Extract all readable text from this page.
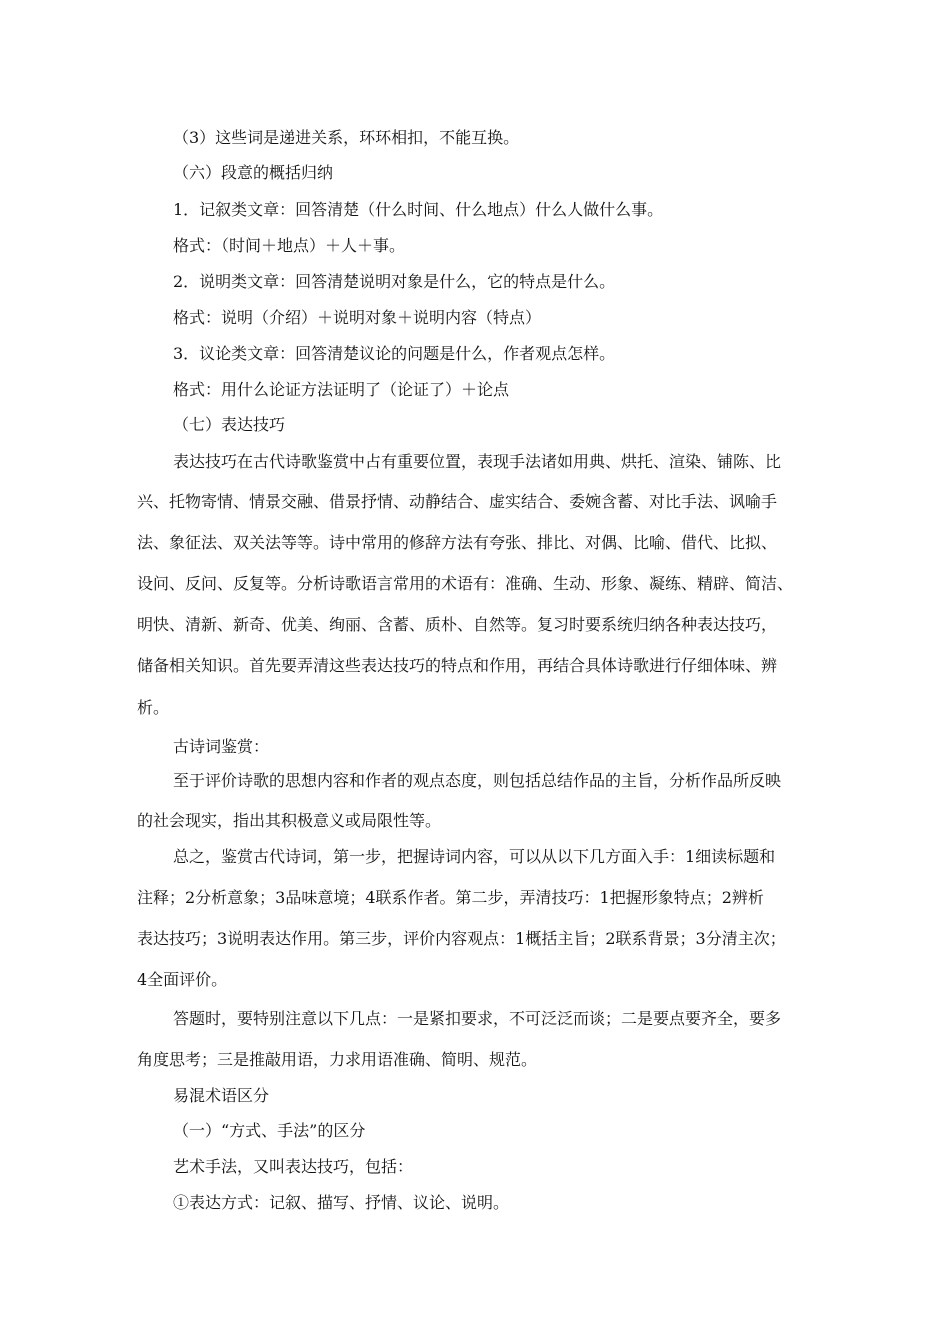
（3）这些词是递进关系，环环相扣，不能互换。
（六）段意的概括归纳
1．记叙类文章：回答清楚（什么时间、什么地点）什么人做什么事。
格式：（时间＋地点）＋人＋事。
2．说明类文章：回答清楚说明对象是什么，它的特点是什么。
格式：说明（介绍）＋说明对象＋说明内容（特点）
3．议论类文章：回答清楚议论的问题是什么，作者观点怎样。
格式：用什么论证方法证明了（论证了）＋论点
（七）表达技巧
表达技巧在古代诗歌鉴赏中占有重要位置，表现手法诸如用典、烘托、渲染、铺陈、比
兴、托物寄情、情景交融、借景抒情、动静结合、虚实结合、委婉含蓄、对比手法、讽喻手
法、象征法、双关法等等。诗中常用的修辞方法有夸张、排比、对偶、比喻、借代、比拟、
设问、反问、反复等。分析诗歌语言常用的术语有：准确、生动、形象、凝练、精辟、简洁、
明快、清新、新奇、优美、绚丽、含蓄、质朴、自然等。复习时要系统归纳各种表达技巧，
储备相关知识。首先要弄清这些表达技巧的特点和作用，再结合具体诗歌进行仔细体味、辨
析。
古诗词鉴赏：
至于评价诗歌的思想内容和作者的观点态度，则包括总结作品的主旨，分析作品所反映
的社会现实，指出其积极意义或局限性等。
总之，鉴赏古代诗词，第一步，把握诗词内容，可以从以下几方面入手：1细读标题和
注释；2分析意象；3品味意境；4联系作者。第二步，弄清技巧：1把握形象特点；2辨析
表达技巧；3说明表达作用。第三步，评价内容观点：1概括主旨；2联系背景；3分清主次；
4全面评价。
答题时，要特别注意以下几点：一是紧扣要求，不可泛泛而谈；二是要点要齐全，要多
角度思考；三是推敲用语，力求用语准确、简明、规范。
易混术语区分
（一）“方式、手法”的区分
艺术手法，又叫表达技巧，包括：
①表达方式：记叙、描写、抒情、议论、说明。
